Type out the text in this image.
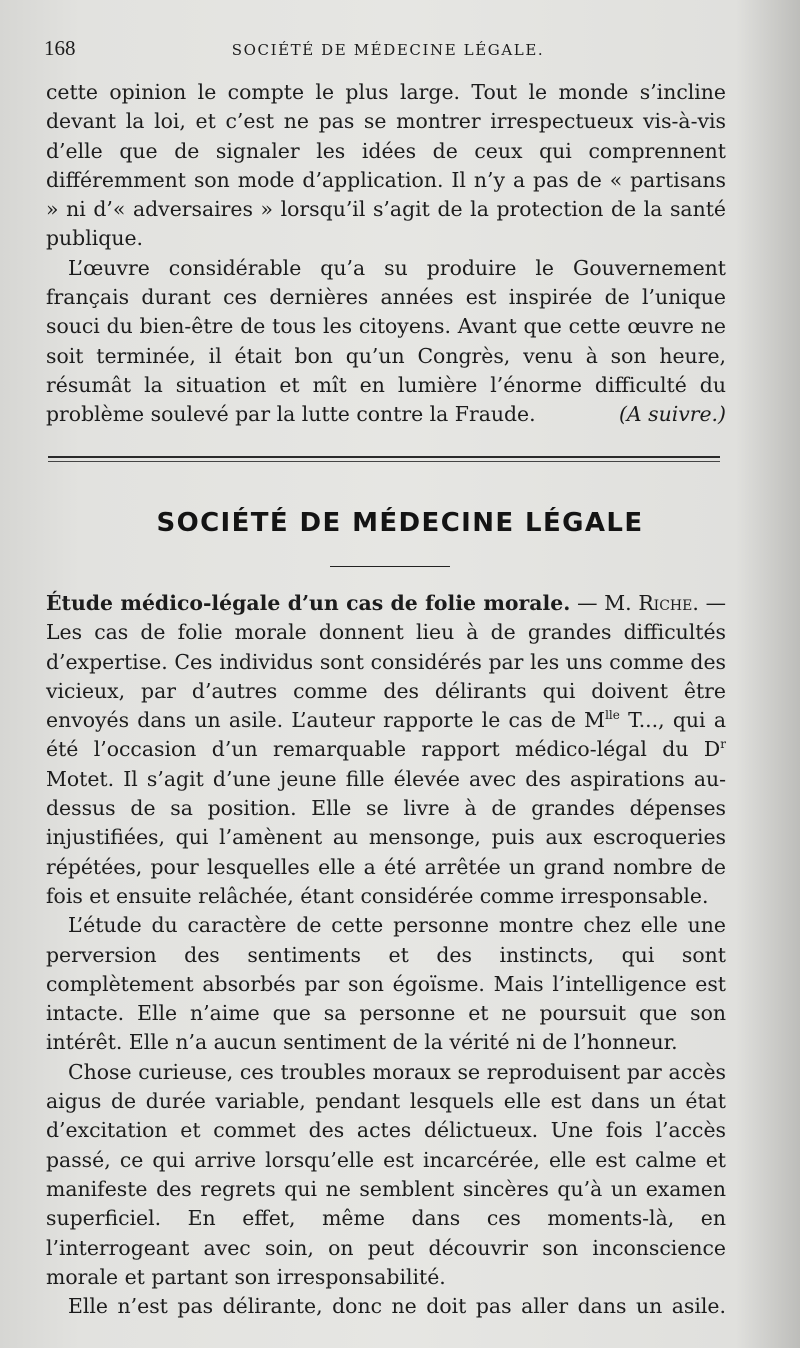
168	SOCIÉTÉ DE MÉDECINE LÉGALE.

cette opinion le compte le plus large. Tout le monde s’incline devant la loi, et c’est ne pas se montrer irrespectueux vis-à-vis d’elle que de signaler les idées de ceux qui comprennent différemment son mode d’application. Il n’y a pas de « partisans » ni d’« adversaires » lorsqu’il s’agit de la protection de la santé publique.

L’œuvre considérable qu’a su produire le Gouvernement français durant ces dernières années est inspirée de l’unique souci du bien-être de tous les citoyens. Avant que cette œuvre ne soit terminée, il était bon qu’un Congrès, venu à son heure, résumât la situation et mît en lumière l’énorme difficulté du problème soulevé par la lutte contre la Fraude.	(A suivre.)

SOCIÉTÉ DE MÉDECINE LÉGALE

Étude médico-légale d’un cas de folie morale. — M. Riche. — Les cas de folie morale donnent lieu à de grandes difficultés d’expertise. Ces individus sont considérés par les uns comme des vicieux, par d’autres comme des délirants qui doivent être envoyés dans un asile. L’auteur rapporte le cas de $M^{lle}$ T..., qui a été l’occasion d’un remarquable rapport médico-légal du $D^r$ Motet. Il s’agit d’une jeune fille élevée avec des aspirations au-dessus de sa position. Elle se livre à de grandes dépenses injustifiées, qui l’amènent au mensonge, puis aux escroqueries répétées, pour lesquelles elle a été arrêtée un grand nombre de fois et ensuite relâchée, étant considérée comme irresponsable.

L’étude du caractère de cette personne montre chez elle une perversion des sentiments et des instincts, qui sont complètement absorbés par son égoïsme. Mais l’intelligence est intacte. Elle n’aime que sa personne et ne poursuit que son intérêt. Elle n’a aucun sentiment de la vérité ni de l’honneur.

Chose curieuse, ces troubles moraux se reproduisent par accès aigus de durée variable, pendant lesquels elle est dans un état d’excitation et commet des actes délictueux. Une fois l’accès passé, ce qui arrive lorsqu’elle est incarcérée, elle est calme et manifeste des regrets qui ne semblent sincères qu’à un examen superficiel. En effet, même dans ces moments-là, en l’interrogeant avec soin, on peut découvrir son inconscience morale et partant son irresponsabilité.

Elle n’est pas délirante, donc ne doit pas aller dans un asile.
